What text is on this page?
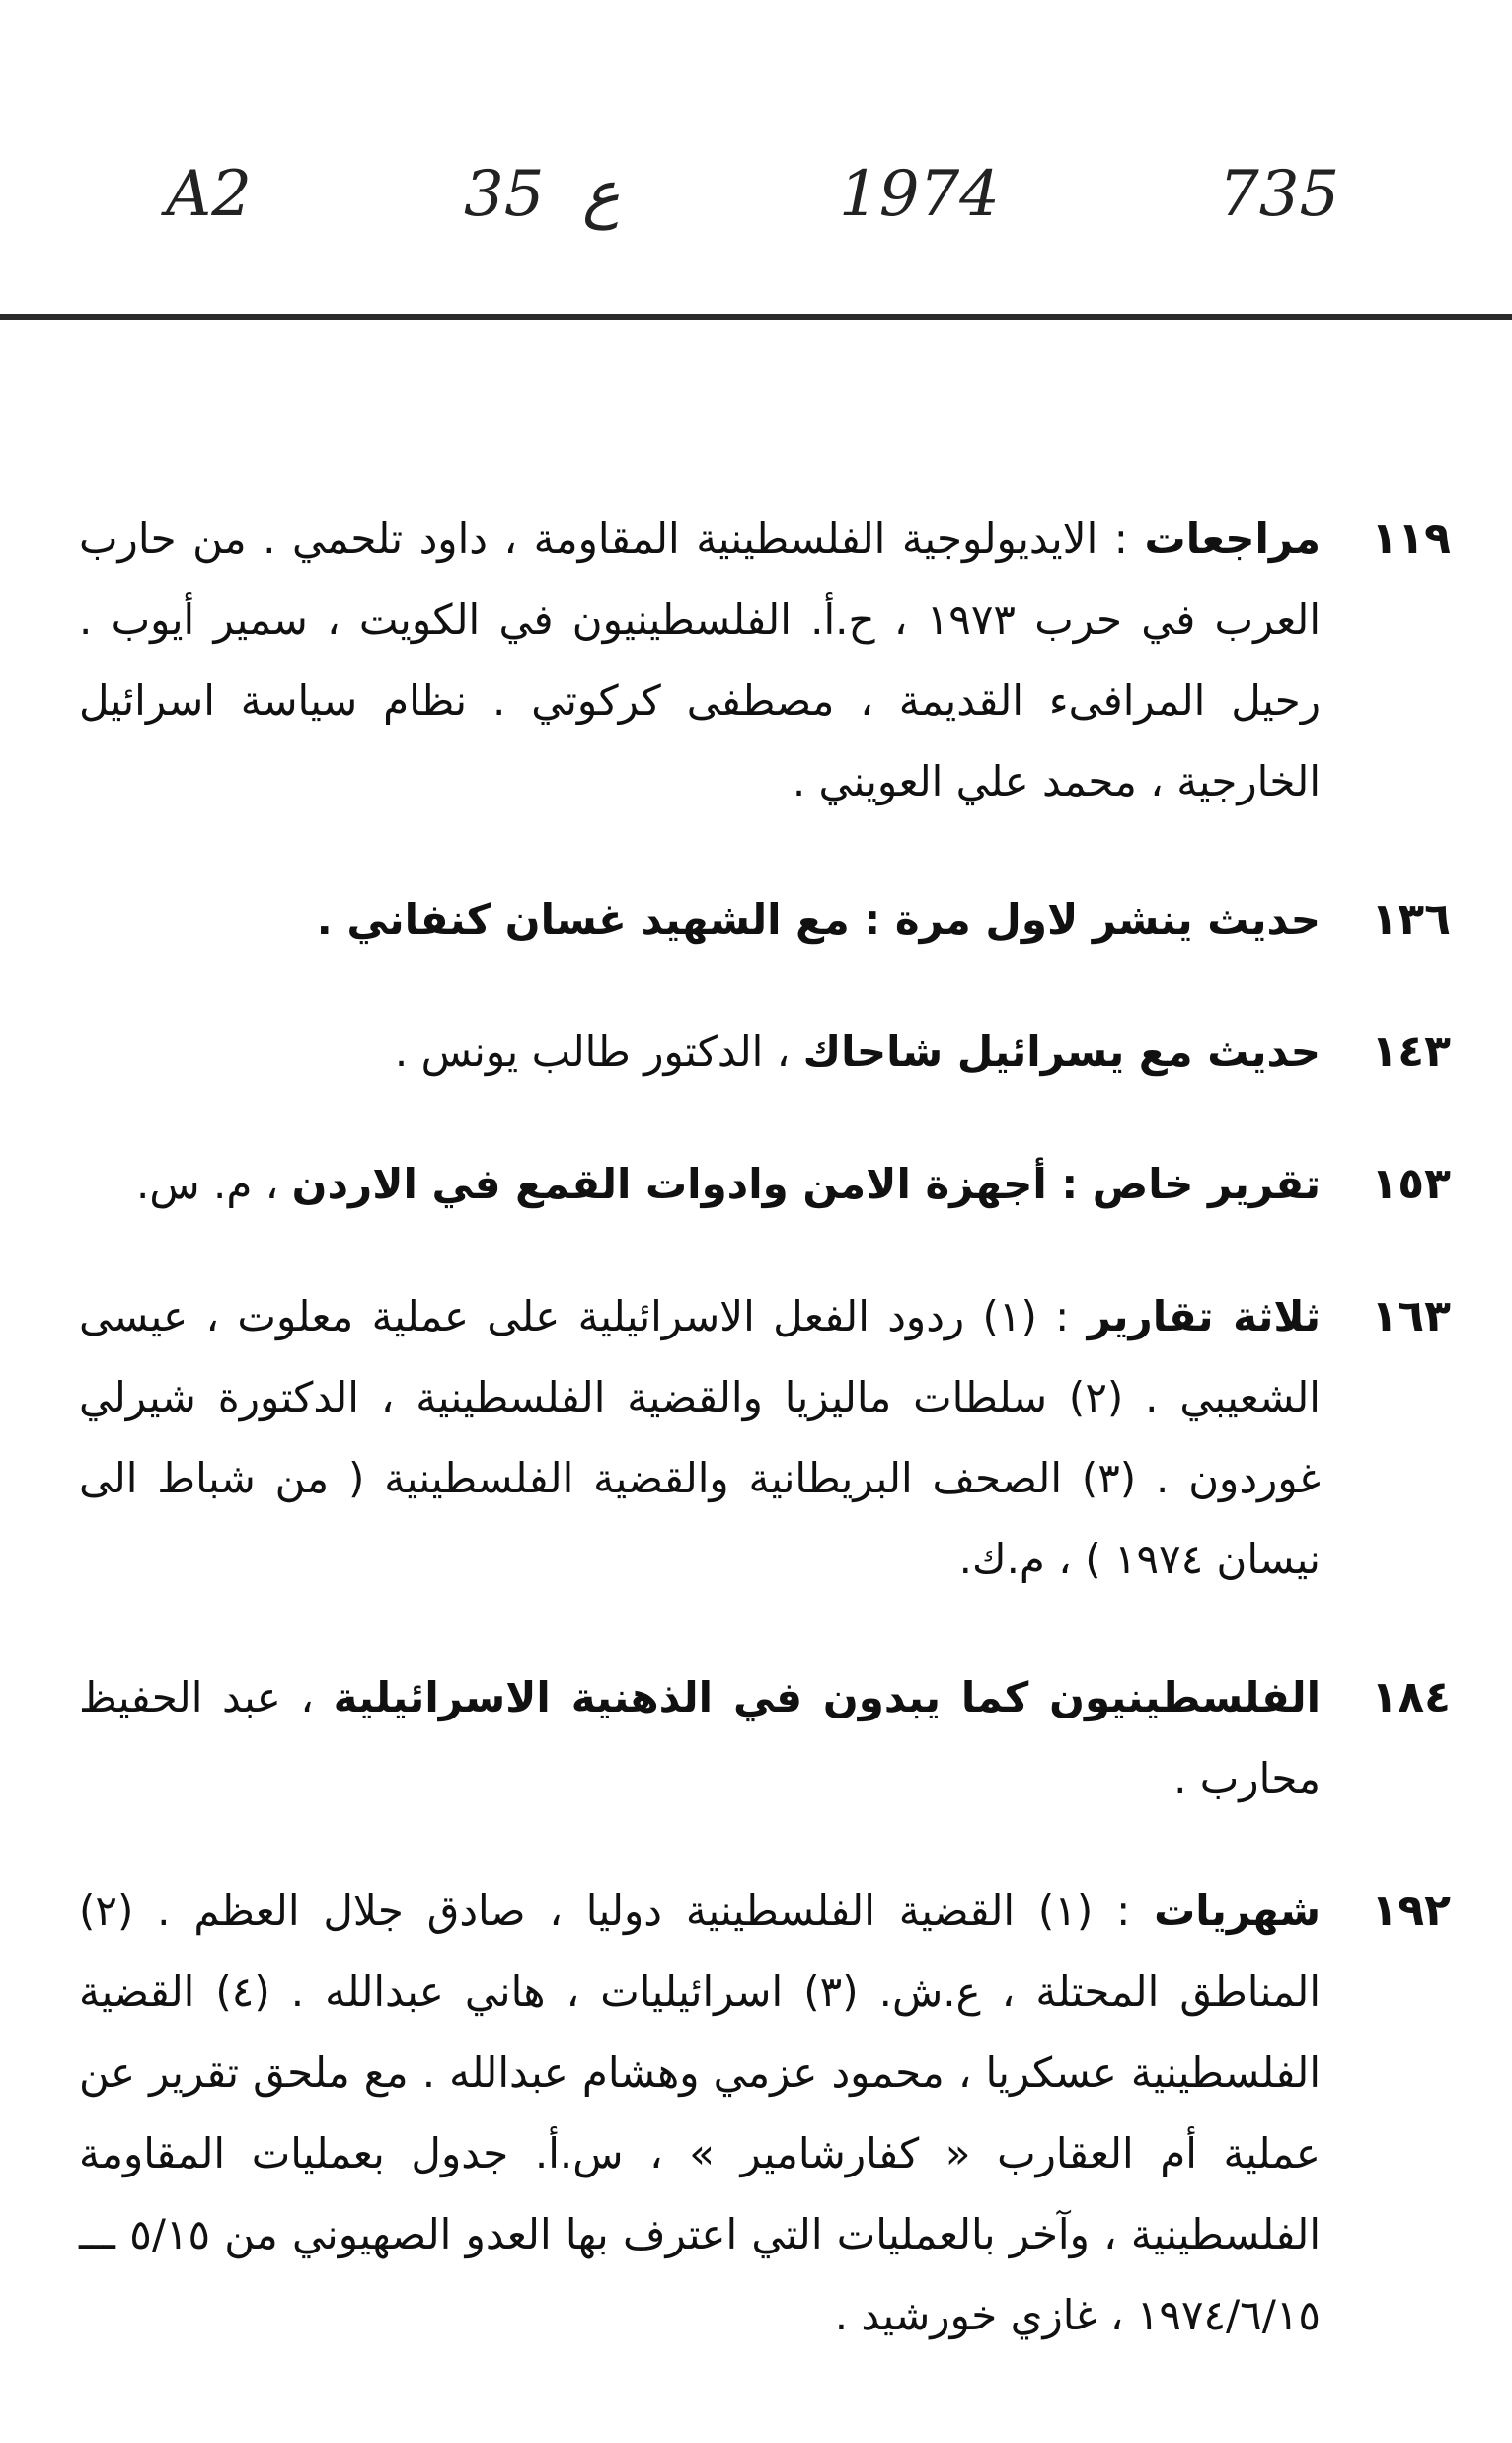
A2	35 ع	1974	735
١١٩
مراجعات : الايديولوجية الفلسطينية المقاومة ، داود تلحمي . من حارب العرب في حرب ١٩٧٣ ، ح.أ. الفلسطينيون في الكويت ، سمير أيوب . رحيل المرافىء القديمة ، مصطفى كركوتي . نظام سياسة اسرائيل الخارجية ، محمد علي العويني .
١٣٦
حديث ينشر لاول مرة : مع الشهيد غسان كنفاني .
١٤٣
حديث مع يسرائيل شاحاك ، الدكتور طالب يونس .
١٥٣
تقرير خاص : أجهزة الامن وادوات القمع في الاردن ، م. س.
١٦٣
ثلاثة تقارير : (١) ردود الفعل الاسرائيلية على عملية معلوت ، عيسى الشعيبي . (٢) سلطات ماليزيا والقضية الفلسطينية ، الدكتورة شيرلي غوردون . (٣) الصحف البريطانية والقضية الفلسطينية ( من شباط الى نيسان ١٩٧٤ ) ، م.ك.
١٨٤
الفلسطينيون كما يبدون في الذهنية الاسرائيلية ، عبد الحفيظ محارب .
١٩٢
شهريات : (١) القضية الفلسطينية دوليا ، صادق جلال العظم . (٢) المناطق المحتلة ، ع.ش. (٣) اسرائيليات ، هاني عبدالله . (٤) القضية الفلسطينية عسكريا ، محمود عزمي وهشام عبدالله . مع ملحق تقرير عن عملية أم العقارب « كفارشامير » ، س.أ. جدول بعمليات المقاومة الفلسطينية ، وآخر بالعمليات التي اعترف بها العدو الصهيوني من ٥/١٥ ـــ ١٩٧٤/٦/١٥ ، غازي خورشيد .
